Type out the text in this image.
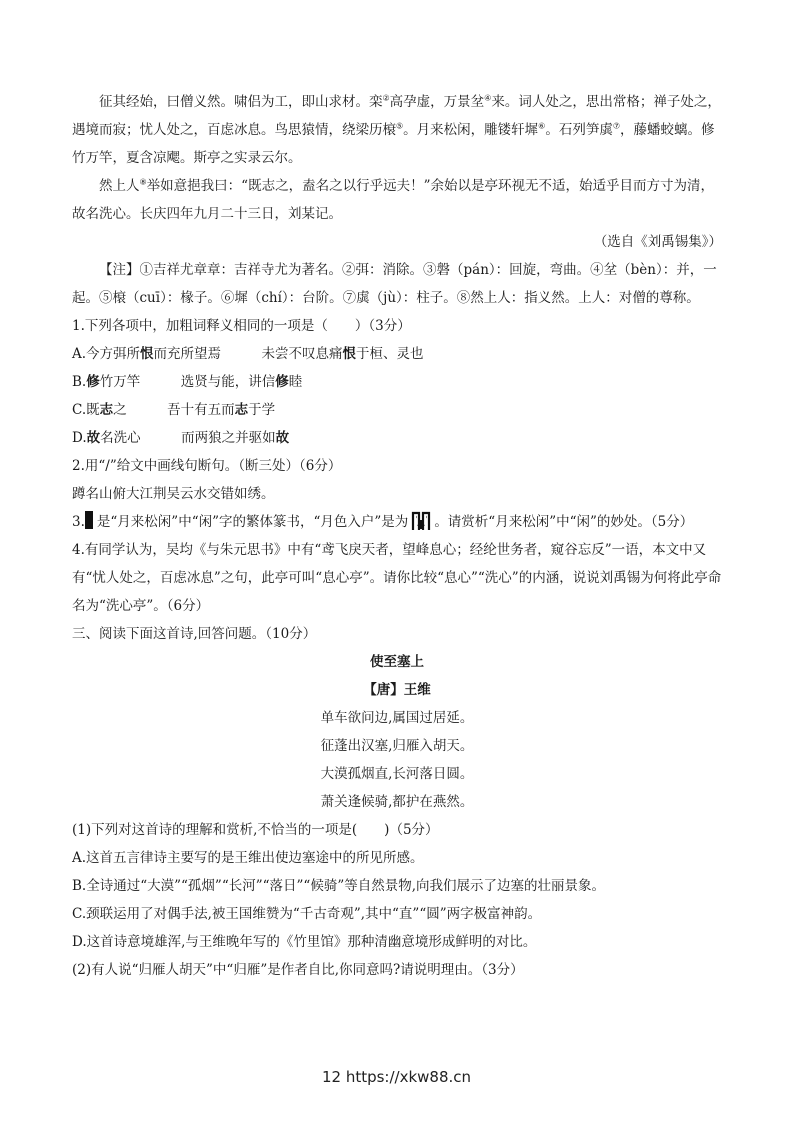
征其经始，曰僧义然。啸侣为工，即山求材。栾②高孕虚，万景坌④来。词人处之，思出常格；禅子处之，遇境而寂；忧人处之，百虑冰息。鸟思猿情，绕梁历榱⑤。月来松闲，雕镂轩墀⑥。石列笋虡⑦，藤蟠蛟螭。修竹万竿，夏含凉飔。斯亭之实录云尔。

然上人⑧举如意挹我曰：“既志之，盍名之以行乎远夫！”余始以是亭环视无不适，始适乎目而方寸为清，故名洗心。长庆四年九月二十三日，刘某记。

（选自《刘禹锡集》）

【注】①吉祥尤章章：吉祥寺尤为著名。②弭：消除。③磐（pán）：回旋，弯曲。④坌（bèn）：并，一起。⑤榱（cuī）：椽子。⑥墀（chí）：台阶。⑦虡（jù）：柱子。⑧然上人：指义然。上人：对僧的尊称。

1.下列各项中，加粗词释义相同的一项是（　　）（3分）

A.今方弭所恨而充所望焉　　　未尝不叹息痛恨于桓、灵也

B.修竹万竿　　　选贤与能，讲信修睦

C.既志之　　　吾十有五而志于学

D.故名洗心　　　而两狼之并驱如故

2.用“/”给文中画线句断句。（断三处）（6分）

蹲名山俯大江荆吴云水交错如绣。

3. 是“月来松闲”中“闲”字的繁体篆书，“月色入户”是为 。请赏析“月来松闲”中“闲”的妙处。（5分）

4.有同学认为，吴均《与朱元思书》中有“鸢飞戾天者，望峰息心；经纶世务者，窥谷忘反”一语，本文中又有“忧人处之，百虑冰息”之句，此亭可叫“息心亭”。请你比较“息心”“洗心”的内涵，说说刘禹锡为何将此亭命名为“洗心亭”。（6分）

三、阅读下面这首诗,回答问题。（10分）

使至塞上

【唐】王维

单车欲问边,属国过居延。

征蓬出汉塞,归雁入胡天。

大漠孤烟直,长河落日圆。

萧关逢候骑,都护在燕然。

(1)下列对这首诗的理解和赏析,不恰当的一项是(　　)（5分）

A.这首五言律诗主要写的是王维出使边塞途中的所见所感。

B.全诗通过“大漠”“孤烟”“长河”“落日”“候骑”等自然景物,向我们展示了边塞的壮丽景象。

C.颈联运用了对偶手法,被王国维赞为“千古奇观”,其中“直”“圆”两字极富神韵。

D.这首诗意境雄浑,与王维晚年写的《竹里馆》那种清幽意境形成鲜明的对比。

(2)有人说“归雁人胡天”中“归雁”是作者自比,你同意吗?请说明理由。（3分）

12 https://xkw88.cn
